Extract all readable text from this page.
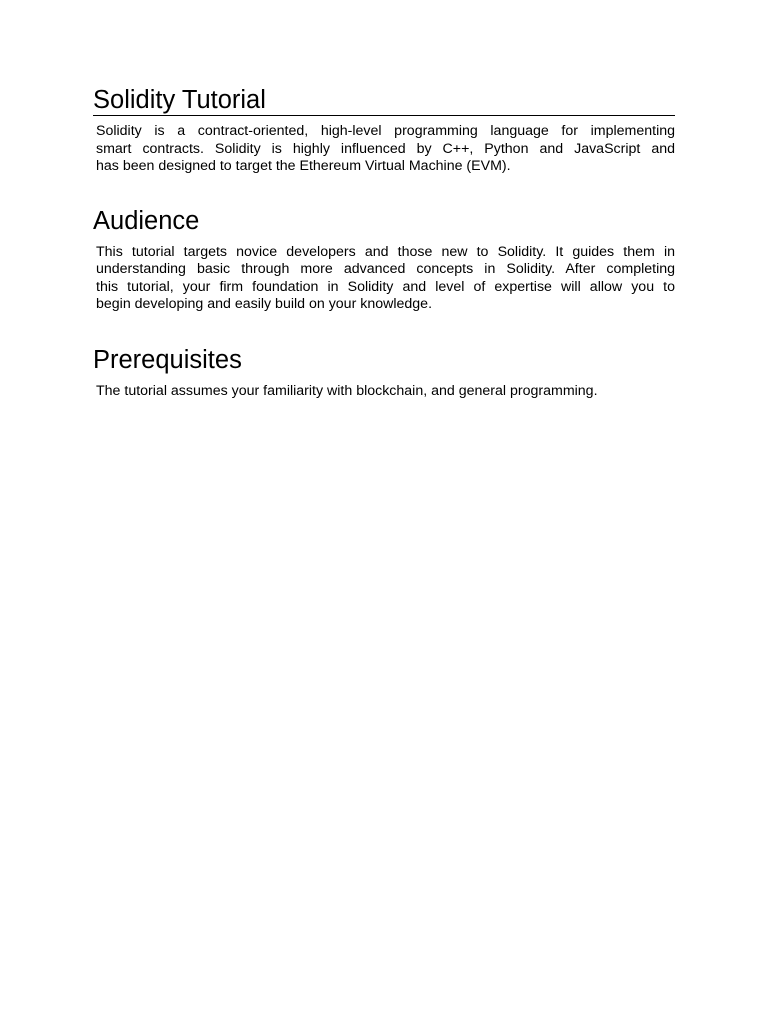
Solidity Tutorial

Solidity is a contract-oriented, high-level programming language for implementing
smart contracts. Solidity is highly influenced by C++, Python and JavaScript and
has been designed to target the Ethereum Virtual Machine (EVM).

Audience

This tutorial targets novice developers and those new to Solidity. It guides them in
understanding basic through more advanced concepts in Solidity. After completing
this tutorial, your firm foundation in Solidity and level of expertise will allow you to
begin developing and easily build on your knowledge.

Prerequisites

The tutorial assumes your familiarity with blockchain, and general programming.
